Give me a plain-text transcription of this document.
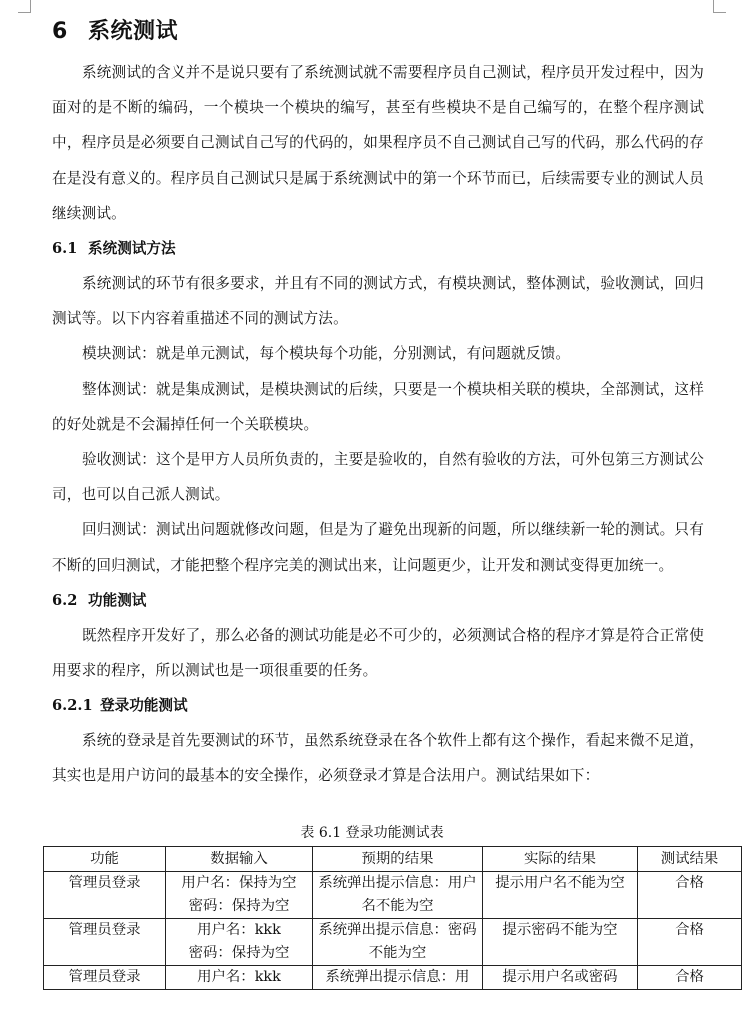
6 系统测试

系统测试的含义并不是说只要有了系统测试就不需要程序员自己测试，程序员开发过程中，因为面对的是不断的编码，一个模块一个模块的编写，甚至有些模块不是自己编写的，在整个程序测试中，程序员是必须要自己测试自己写的代码的，如果程序员不自己测试自己写的代码，那么代码的存在是没有意义的。程序员自己测试只是属于系统测试中的第一个环节而已，后续需要专业的测试人员继续测试。

6.1 系统测试方法

系统测试的环节有很多要求，并且有不同的测试方式，有模块测试，整体测试，验收测试，回归测试等。以下内容着重描述不同的测试方法。

模块测试：就是单元测试，每个模块每个功能，分别测试，有问题就反馈。

整体测试：就是集成测试，是模块测试的后续，只要是一个模块相关联的模块，全部测试，这样的好处就是不会漏掉任何一个关联模块。

验收测试：这个是甲方人员所负责的，主要是验收的，自然有验收的方法，可外包第三方测试公司，也可以自己派人测试。

回归测试：测试出问题就修改问题，但是为了避免出现新的问题，所以继续新一轮的测试。只有不断的回归测试，才能把整个程序完美的测试出来，让问题更少，让开发和测试变得更加统一。

6.2 功能测试

既然程序开发好了，那么必备的测试功能是必不可少的，必须测试合格的程序才算是符合正常使用要求的程序，所以测试也是一项很重要的任务。

6.2.1 登录功能测试

系统的登录是首先要测试的环节，虽然系统登录在各个软件上都有这个操作，看起来微不足道，其实也是用户访问的最基本的安全操作，必须登录才算是合法用户。测试结果如下：

表 6.1 登录功能测试表
功能	数据输入	预期的结果	实际的结果	测试结果
管理员登录	用户名：保持为空
密码：保持为空	系统弹出提示信息：用户名不能为空	提示用户名不能为空	合格
管理员登录	用户名：kkk
密码：保持为空	系统弹出提示信息：密码不能为空	提示密码不能为空	合格
管理员登录	用户名：kkk	系统弹出提示信息：用	提示用户名或密码	合格
